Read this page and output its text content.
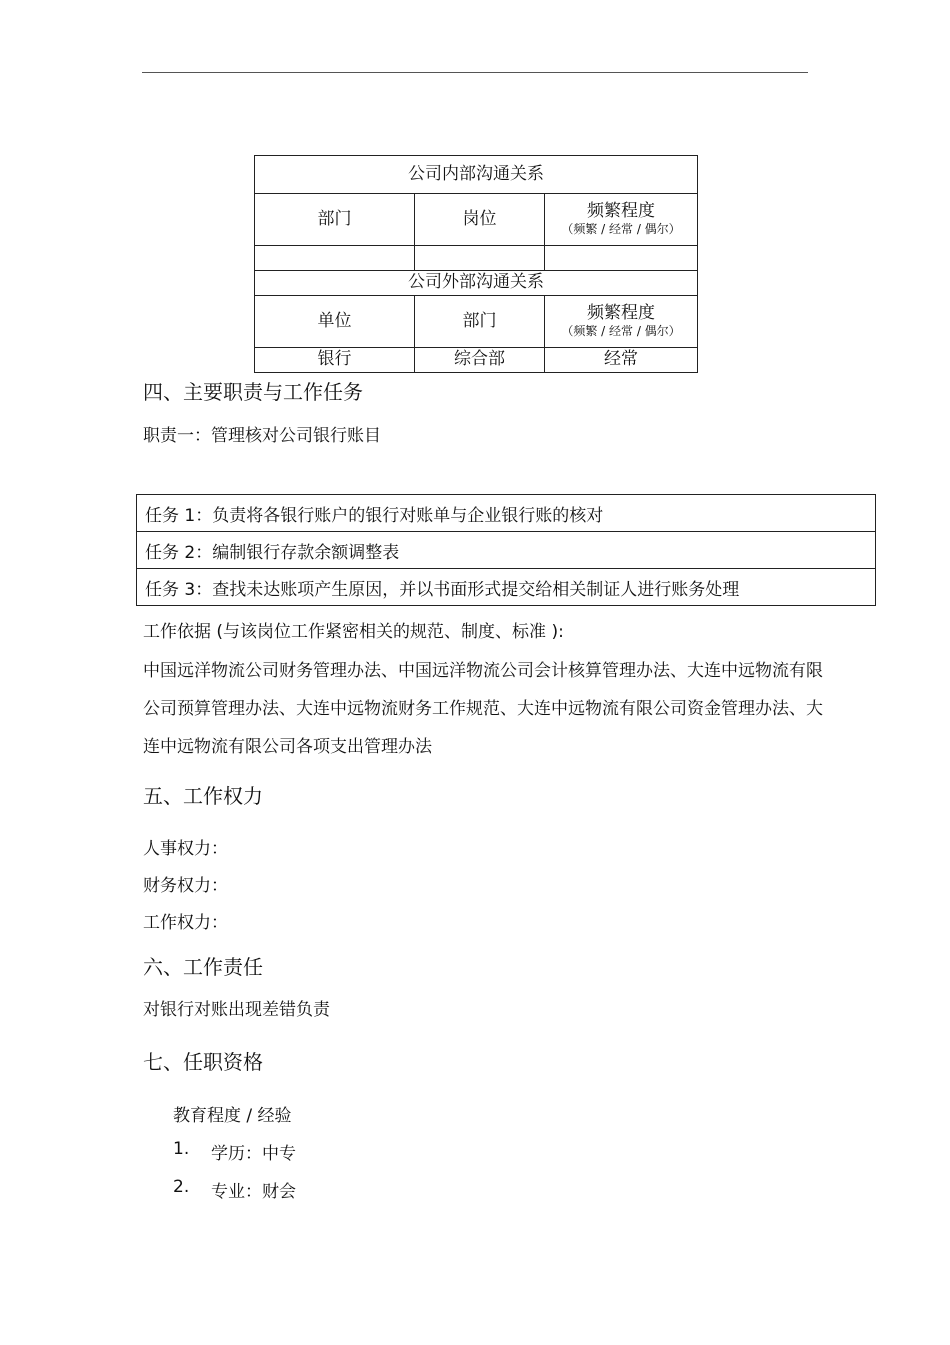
公司内部沟通关系		
部门	岗位	频繁程度
（频繁 / 经常 / 偶尔）

公司外部沟通关系		
单位	部门	频繁程度
（频繁 / 经常 / 偶尔）

银行	综合部	经常
四、主要职责与工作任务
职责一：管理核对公司银行账目
任务 1：负责将各银行账户的银行对账单与企业银行账的核对
任务 2：编制银行存款余额调整表
任务 3：查找未达账项产生原因，并以书面形式提交给相关制证人进行账务处理
工作依据 (与该岗位工作紧密相关的规范、制度、标准 ):
中国远洋物流公司财务管理办法、中国远洋物流公司会计核算管理办法、大连中远物流有限公司预算管理办法、大连中远物流财务工作规范、大连中远物流有限公司资金管理办法、大连中远物流有限公司各项支出管理办法
五、工作权力
人事权力：
财务权力：
工作权力：
六、工作责任
对银行对账出现差错负责
七、任职资格
教育程度 / 经验
1. 学历：中专
2. 专业：财会
